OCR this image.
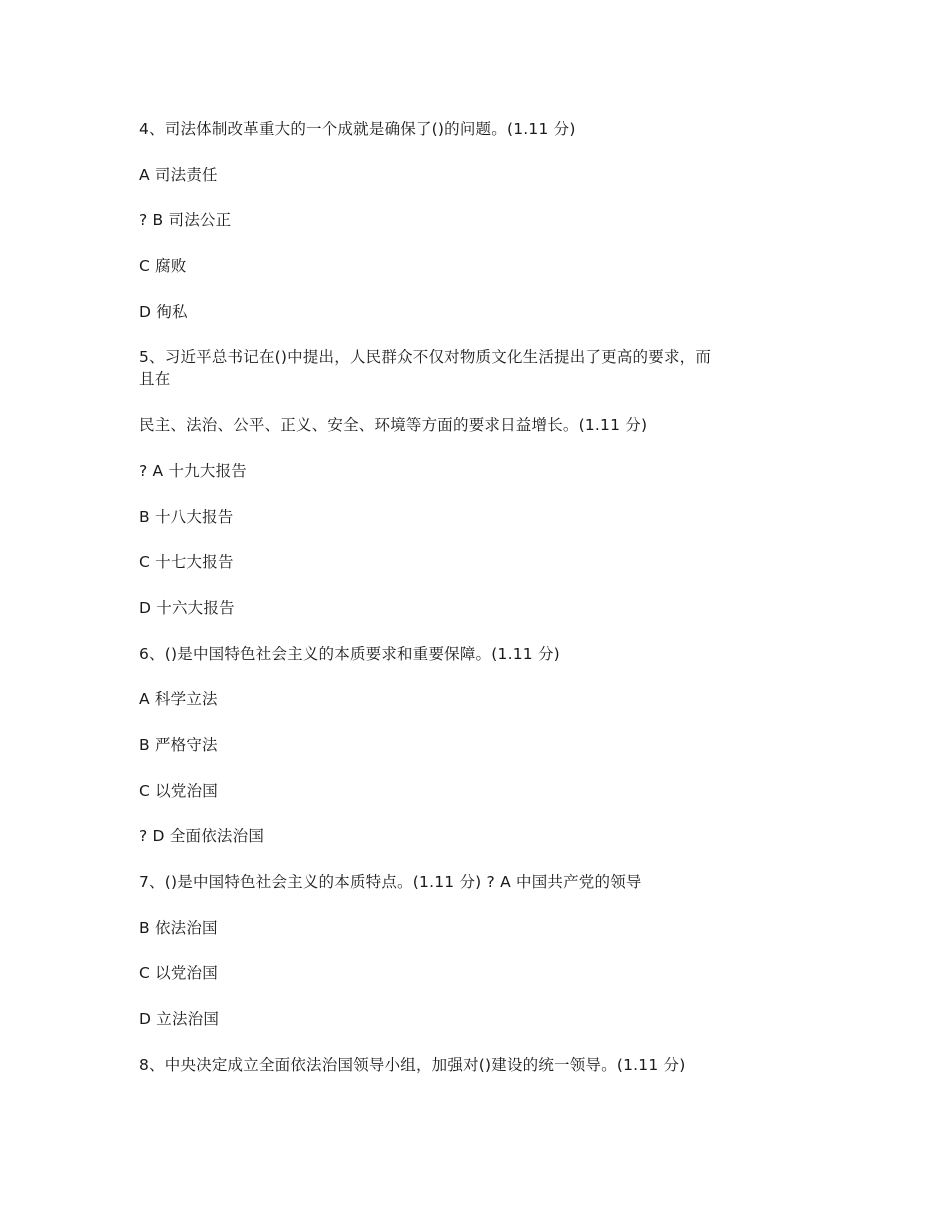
4、司法体制改革重大的一个成就是确保了()的问题。(1.11 分)
A 司法责任
? B 司法公正
C 腐败
D 徇私
5、习近平总书记在()中提出，人民群众不仅对物质文化生活提出了更高的要求，而
且在
民主、法治、公平、正义、安全、环境等方面的要求日益增长。(1.11 分)
? A 十九大报告
B 十八大报告
C 十七大报告
D 十六大报告
6、()是中国特色社会主义的本质要求和重要保障。(1.11 分)
A 科学立法
B 严格守法
C 以党治国
? D 全面依法治国
7、()是中国特色社会主义的本质特点。(1.11 分) ? A 中国共产党的领导
B 依法治国
C 以党治国
D 立法治国
8、中央决定成立全面依法治国领导小组，加强对()建设的统一领导。(1.11 分)
